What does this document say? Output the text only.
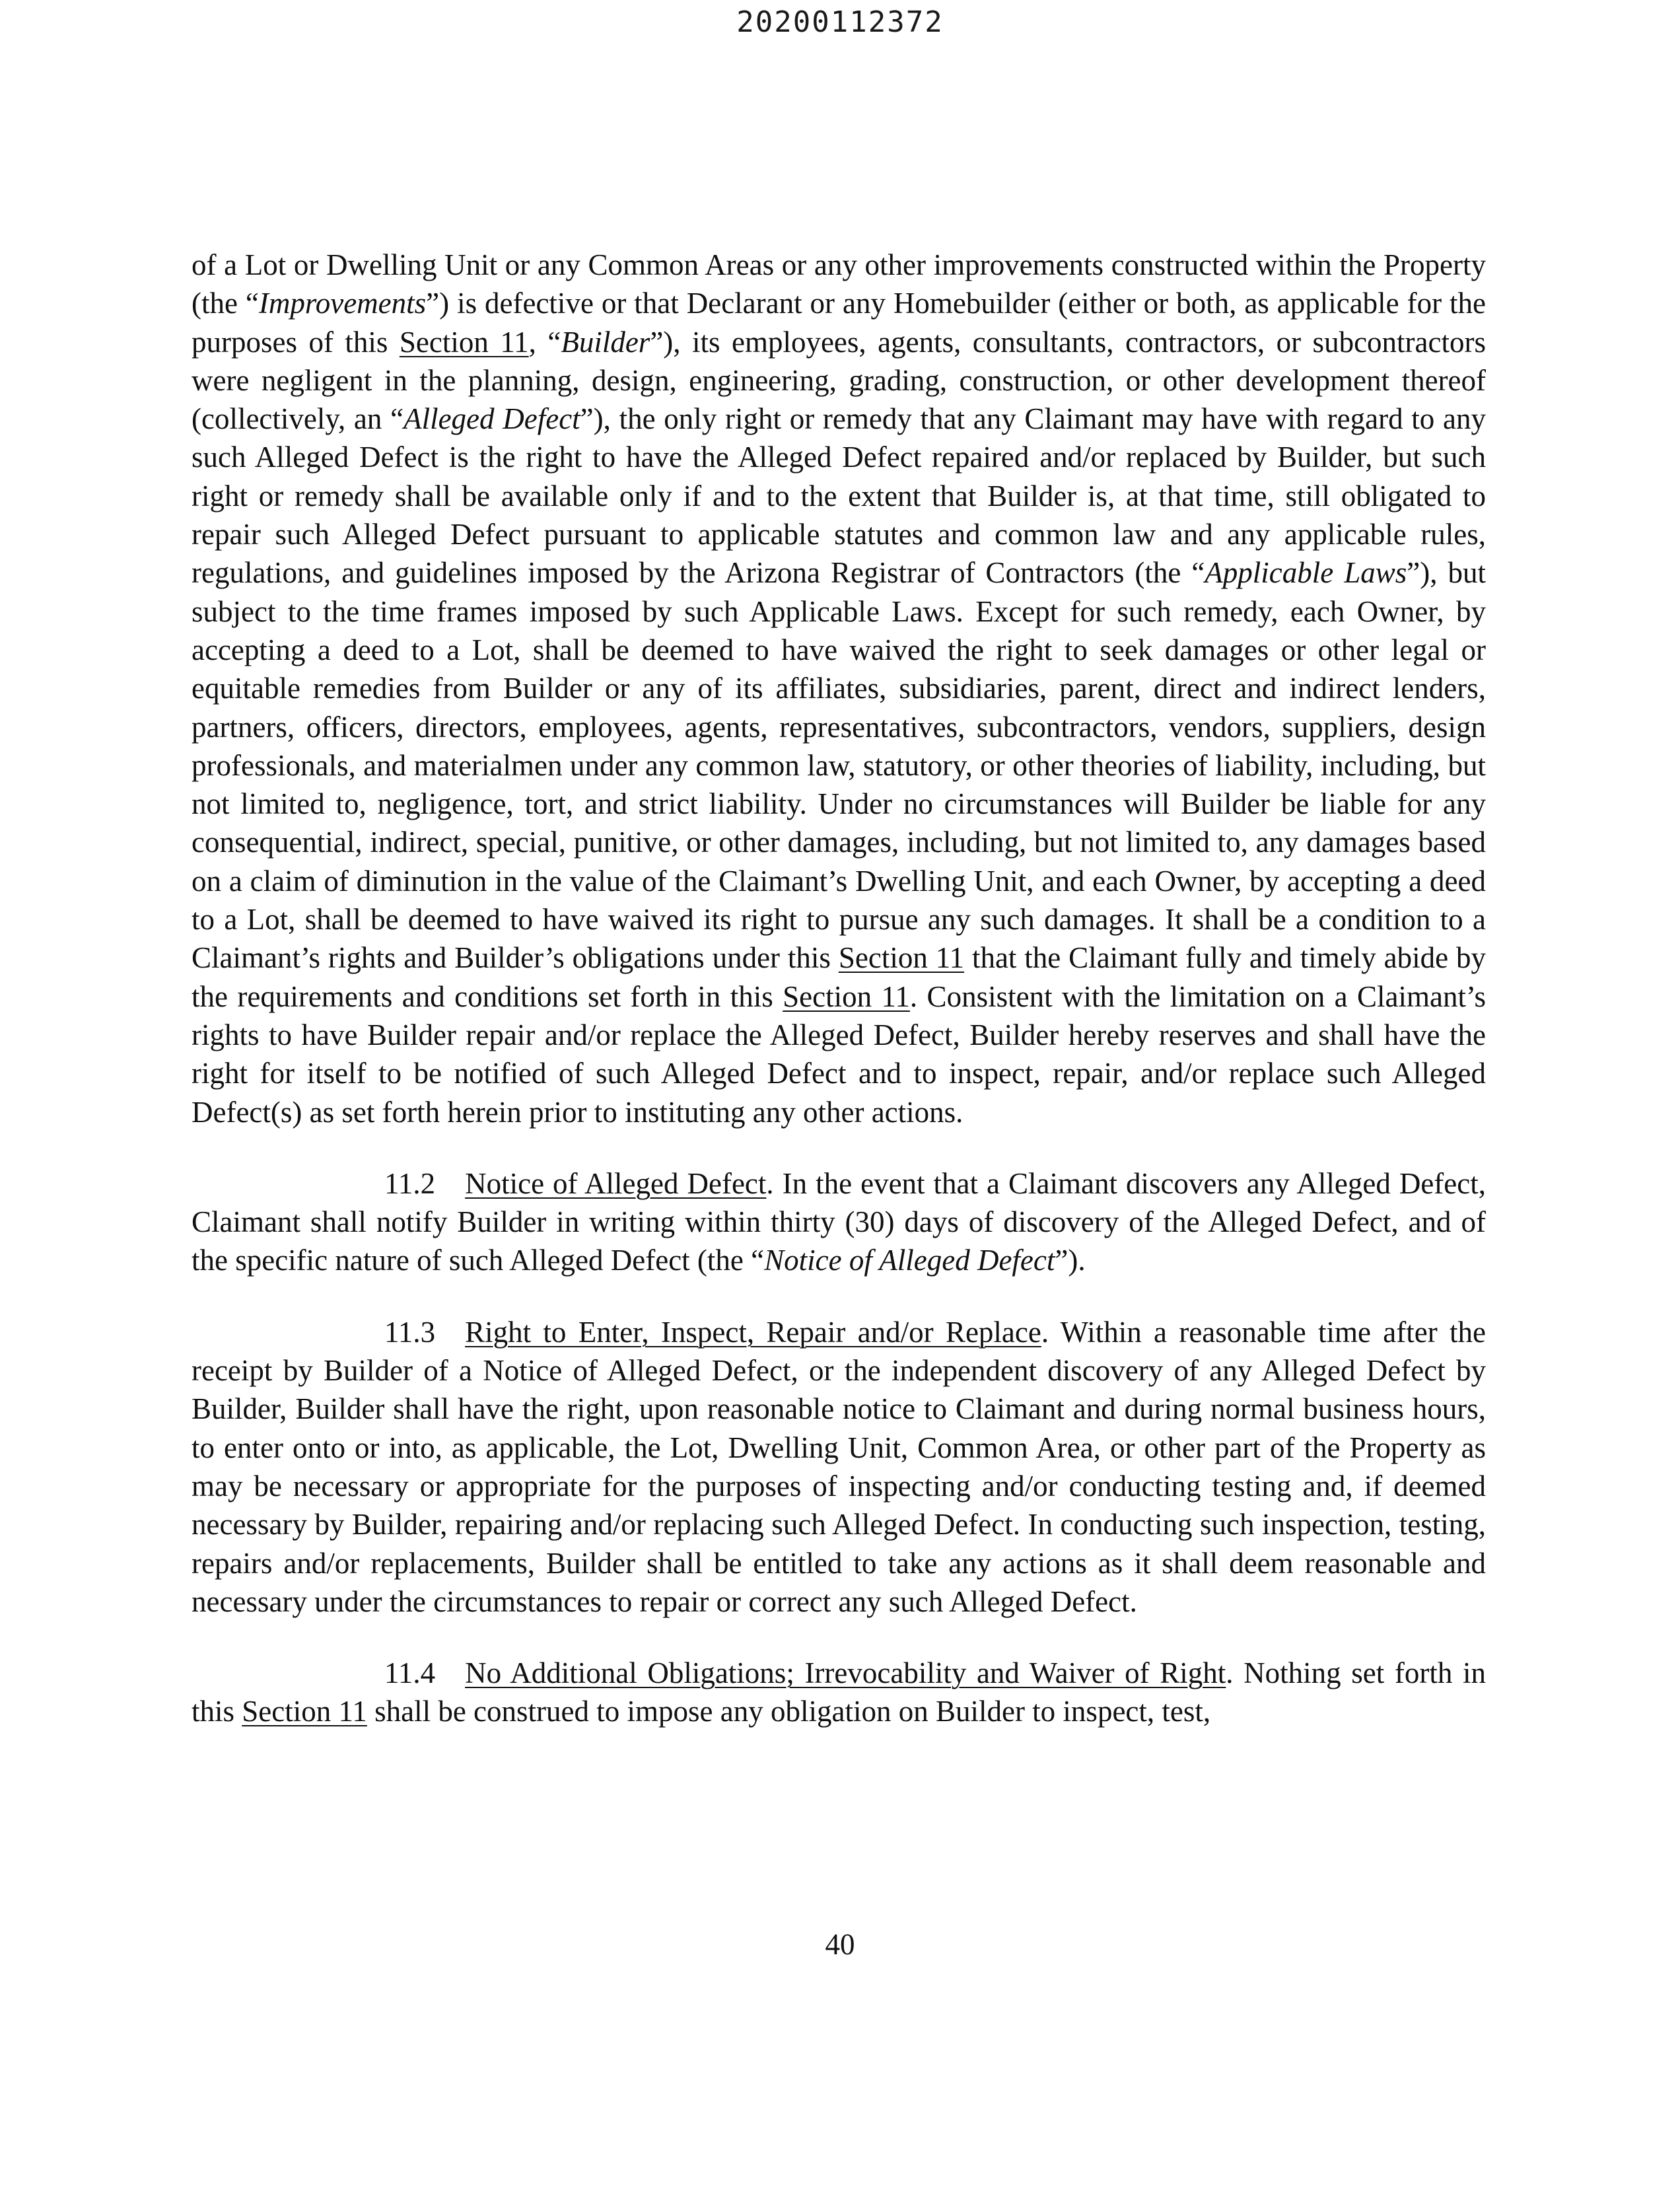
20200112372

of a Lot or Dwelling Unit or any Common Areas or any other improvements constructed within the Property (the “Improvements”) is defective or that Declarant or any Homebuilder (either or both, as applicable for the purposes of this Section 11, “Builder”), its employees, agents, consultants, contractors, or subcontractors were negligent in the planning, design, engineering, grading, construction, or other development thereof (collectively, an “Alleged Defect”), the only right or remedy that any Claimant may have with regard to any such Alleged Defect is the right to have the Alleged Defect repaired and/or replaced by Builder, but such right or remedy shall be available only if and to the extent that Builder is, at that time, still obligated to repair such Alleged Defect pursuant to applicable statutes and common law and any applicable rules, regulations, and guidelines imposed by the Arizona Registrar of Contractors (the “Applicable Laws”), but subject to the time frames imposed by such Applicable Laws. Except for such remedy, each Owner, by accepting a deed to a Lot, shall be deemed to have waived the right to seek damages or other legal or equitable remedies from Builder or any of its affiliates, subsidiaries, parent, direct and indirect lenders, partners, officers, directors, employees, agents, representatives, subcontractors, vendors, suppliers, design professionals, and materialmen under any common law, statutory, or other theories of liability, including, but not limited to, negligence, tort, and strict liability. Under no circumstances will Builder be liable for any consequential, indirect, special, punitive, or other damages, including, but not limited to, any damages based on a claim of diminution in the value of the Claimant’s Dwelling Unit, and each Owner, by accepting a deed to a Lot, shall be deemed to have waived its right to pursue any such damages. It shall be a condition to a Claimant’s rights and Builder’s obligations under this Section 11 that the Claimant fully and timely abide by the requirements and conditions set forth in this Section 11. Consistent with the limitation on a Claimant’s rights to have Builder repair and/or replace the Alleged Defect, Builder hereby reserves and shall have the right for itself to be notified of such Alleged Defect and to inspect, repair, and/or replace such Alleged Defect(s) as set forth herein prior to instituting any other actions.

11.2   Notice of Alleged Defect. In the event that a Claimant discovers any Alleged Defect, Claimant shall notify Builder in writing within thirty (30) days of discovery of the Alleged Defect, and of the specific nature of such Alleged Defect (the “Notice of Alleged Defect”).

11.3   Right to Enter, Inspect, Repair and/or Replace. Within a reasonable time after the receipt by Builder of a Notice of Alleged Defect, or the independent discovery of any Alleged Defect by Builder, Builder shall have the right, upon reasonable notice to Claimant and during normal business hours, to enter onto or into, as applicable, the Lot, Dwelling Unit, Common Area, or other part of the Property as may be necessary or appropriate for the purposes of inspecting and/or conducting testing and, if deemed necessary by Builder, repairing and/or replacing such Alleged Defect. In conducting such inspection, testing, repairs and/or replacements, Builder shall be entitled to take any actions as it shall deem reasonable and necessary under the circumstances to repair or correct any such Alleged Defect.

11.4   No Additional Obligations; Irrevocability and Waiver of Right. Nothing set forth in this Section 11 shall be construed to impose any obligation on Builder to inspect, test,

40
